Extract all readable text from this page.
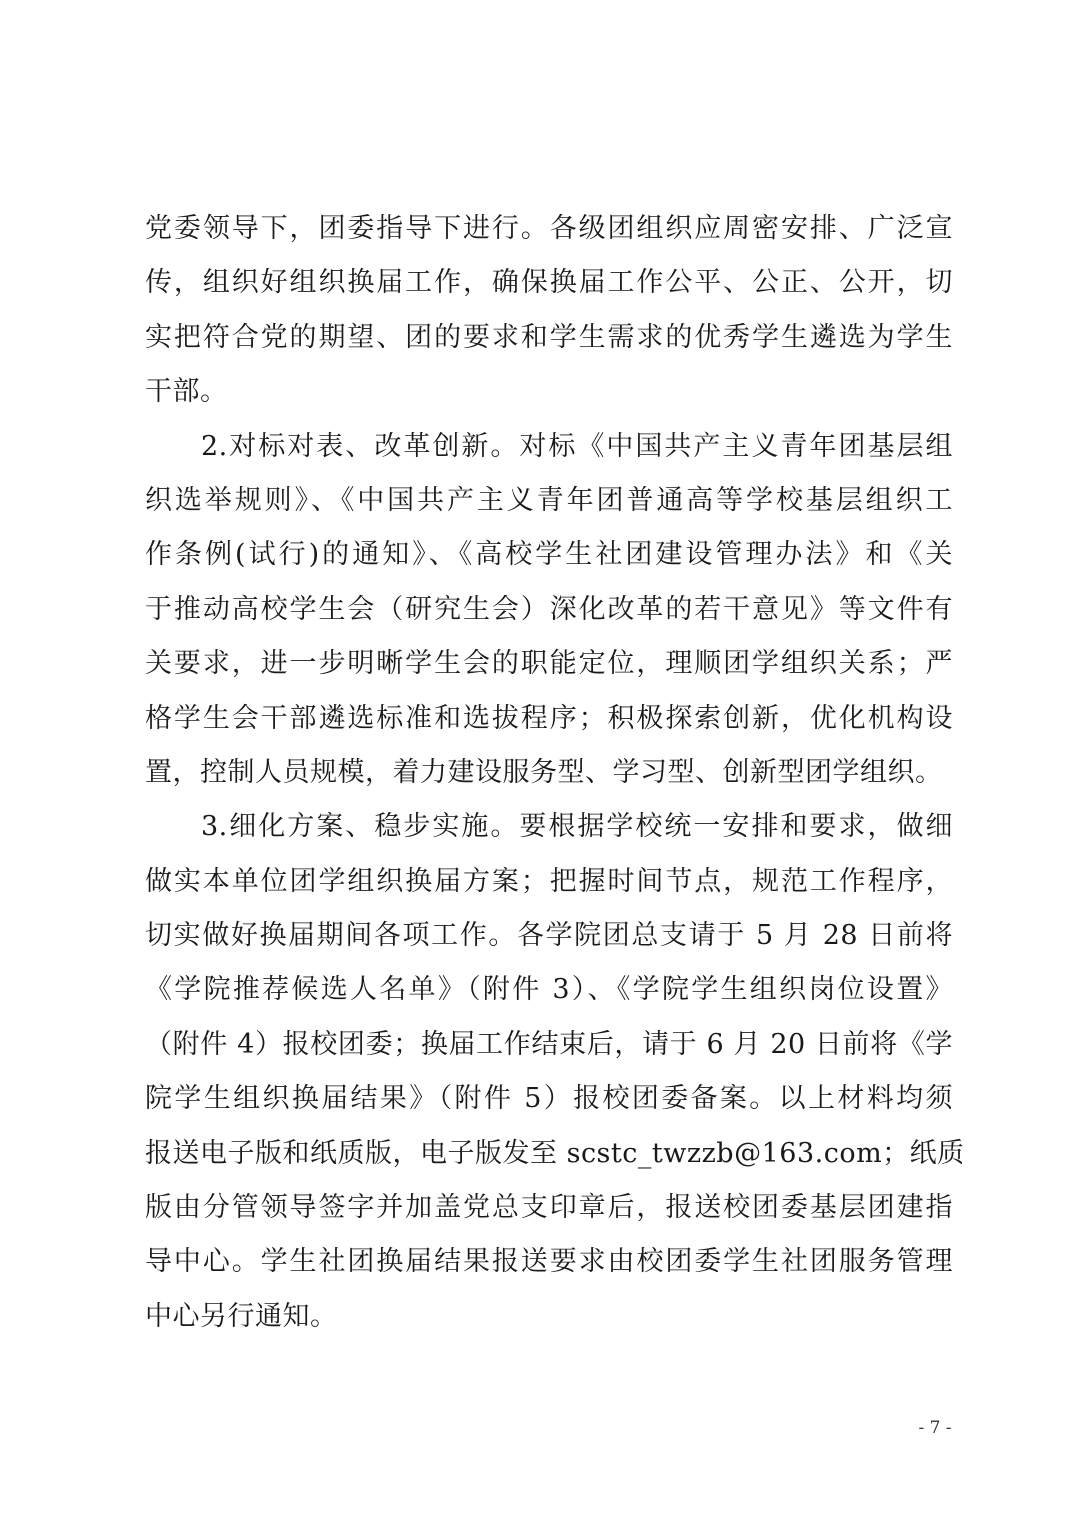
党委领导下，团委指导下进行。各级团组织应周密安排、广泛宣
传，组织好组织换届工作，确保换届工作公平、公正、公开，切
实把符合党的期望、团的要求和学生需求的优秀学生遴选为学生
干部。
2.对标对表、改革创新。对标《中国共产主义青年团基层组
织选举规则》、《中国共产主义青年团普通高等学校基层组织工
作条例(试行)的通知》、《高校学生社团建设管理办法》和《关
于推动高校学生会（研究生会）深化改革的若干意见》等文件有
关要求，进一步明晰学生会的职能定位，理顺团学组织关系；严
格学生会干部遴选标准和选拔程序；积极探索创新，优化机构设
置，控制人员规模，着力建设服务型、学习型、创新型团学组织。
3.细化方案、稳步实施。要根据学校统一安排和要求，做细
做实本单位团学组织换届方案；把握时间节点，规范工作程序，
切实做好换届期间各项工作。各学院团总支请于 5 月 28 日前将
《学院推荐候选人名单》（附件 3）、《学院学生组织岗位设置》
（附件 4）报校团委；换届工作结束后，请于 6 月 20 日前将《学
院学生组织换届结果》（附件 5）报校团委备案。以上材料均须
报送电子版和纸质版，电子版发至 scstc_twzzb@163.com；纸质
版由分管领导签字并加盖党总支印章后，报送校团委基层团建指
导中心。学生社团换届结果报送要求由校团委学生社团服务管理
中心另行通知。
- 7 -
